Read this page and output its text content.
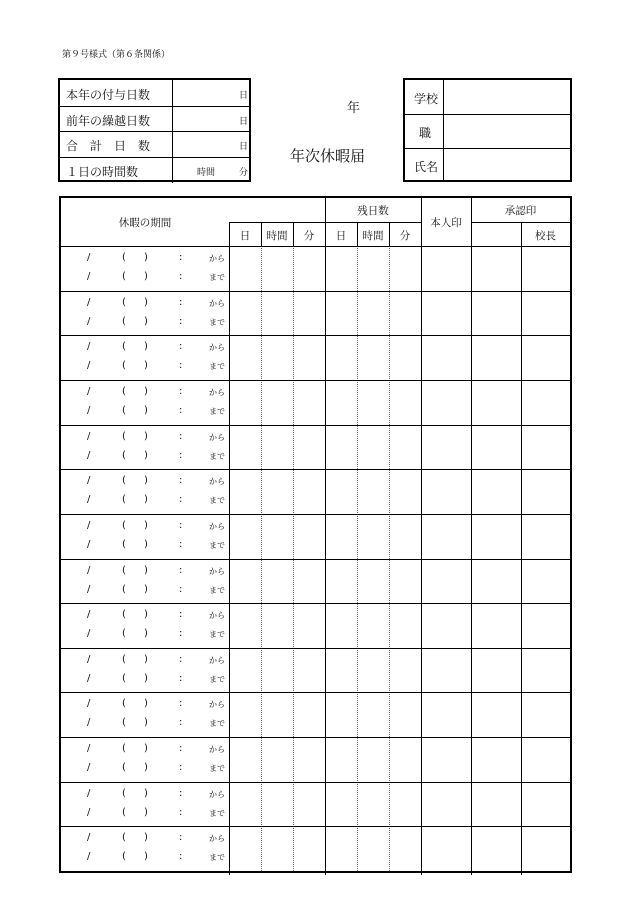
第９号様式（第６条関係）
本年の付与日数	日
前年の繰越日数	日
合　計　日　数	日
１日の時間数	時間	分
年
年次休暇届
学校
職
氏名
休暇の期間
残日数
本人印
承認印
校長
日	時間	分	日	時間	分
/	( )	:	から
/	( )	:	まで
/	( )	:	から
/	( )	:	まで
/	( )	:	から
/	( )	:	まで
/	( )	:	から
/	( )	:	まで
/	( )	:	から
/	( )	:	まで
/	( )	:	から
/	( )	:	まで
/	( )	:	から
/	( )	:	まで
/	( )	:	から
/	( )	:	まで
/	( )	:	から
/	( )	:	まで
/	( )	:	から
/	( )	:	まで
/	( )	:	から
/	( )	:	まで
/	( )	:	から
/	( )	:	まで
/	( )	:	から
/	( )	:	まで
/	( )	:	から
/	( )	:	まで
